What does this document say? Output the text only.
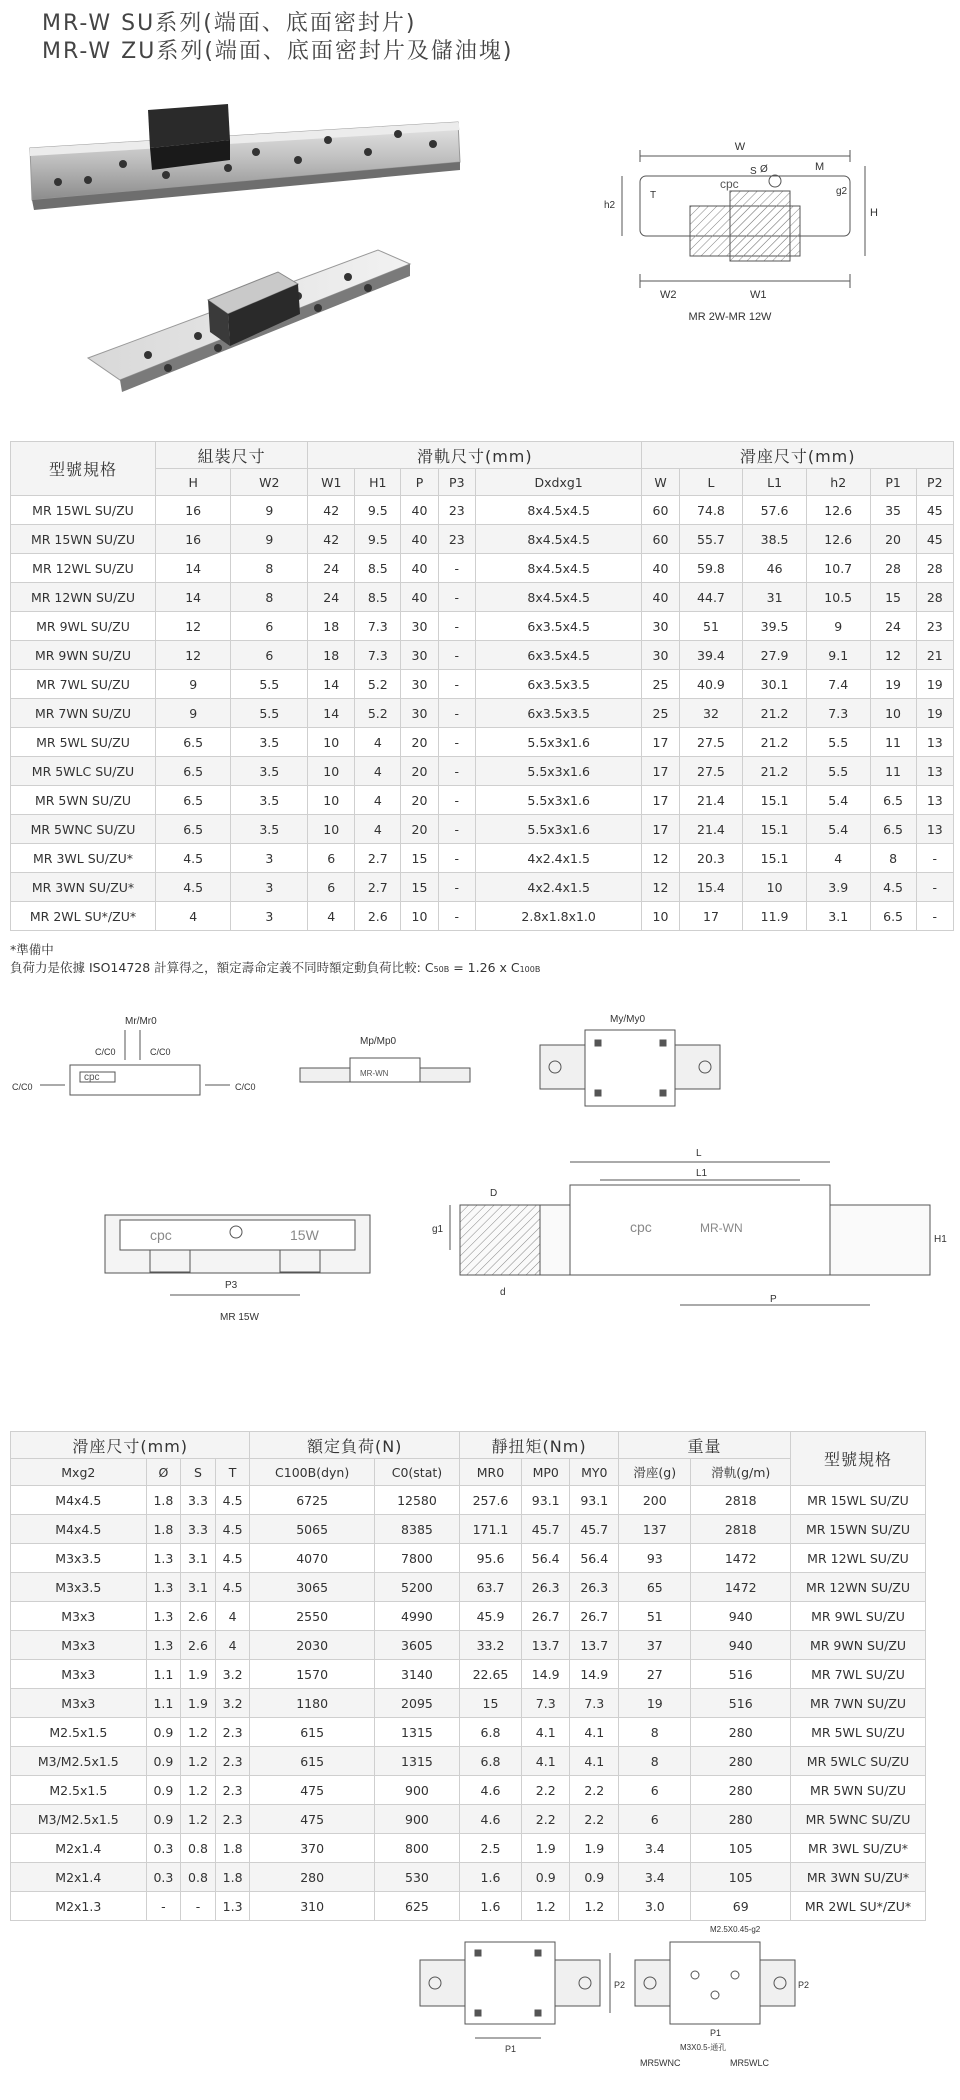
MR-W SU系列(端面、底面密封片)
MR-W ZU系列(端面、底面密封片及儲油塊)
W
M
S Ø
T
h2
g2
H
W2	W1
cpc
MR 2W-MR 12W
型號規格	組裝尺寸		滑軌尺寸(mm)					滑座尺寸(mm)					
	H	W2	W1	H1	P	P3	Dxdxg1	W	L	L1	h2	P1	P2
MR 15WL SU/ZU	16	9	42	9.5	40	23	8x4.5x4.5	60	74.8	57.6	12.6	35	45
MR 15WN SU/ZU	16	9	42	9.5	40	23	8x4.5x4.5	60	55.7	38.5	12.6	20	45
MR 12WL SU/ZU	14	8	24	8.5	40	-	8x4.5x4.5	40	59.8	46	10.7	28	28
MR 12WN SU/ZU	14	8	24	8.5	40	-	8x4.5x4.5	40	44.7	31	10.5	15	28
MR 9WL SU/ZU	12	6	18	7.3	30	-	6x3.5x4.5	30	51	39.5	9	24	23
MR 9WN SU/ZU	12	6	18	7.3	30	-	6x3.5x4.5	30	39.4	27.9	9.1	12	21
MR 7WL SU/ZU	9	5.5	14	5.2	30	-	6x3.5x3.5	25	40.9	30.1	7.4	19	19
MR 7WN SU/ZU	9	5.5	14	5.2	30	-	6x3.5x3.5	25	32	21.2	7.3	10	19
MR 5WL SU/ZU	6.5	3.5	10	4	20	-	5.5x3x1.6	17	27.5	21.2	5.5	11	13
MR 5WLC SU/ZU	6.5	3.5	10	4	20	-	5.5x3x1.6	17	27.5	21.2	5.5	11	13
MR 5WN SU/ZU	6.5	3.5	10	4	20	-	5.5x3x1.6	17	21.4	15.1	5.4	6.5	13
MR 5WNC SU/ZU	6.5	3.5	10	4	20	-	5.5x3x1.6	17	21.4	15.1	5.4	6.5	13
MR 3WL SU/ZU*	4.5	3	6	2.7	15	-	4x2.4x1.5	12	20.3	15.1	4	8	-
MR 3WN SU/ZU*	4.5	3	6	2.7	15	-	4x2.4x1.5	12	15.4	10	3.9	4.5	-
MR 2WL SU*/ZU*	4	3	4	2.6	10	-	2.8x1.8x1.0	10	17	11.9	3.1	6.5	-
*準備中
負荷力是依據 ISO14728 計算得之，額定壽命定義不同時額定動負荷比較: C50B = 1.26 x C100B
Mr/Mr0
C/C0	C/C0
C/C0	C/C0
Mp/Mp0
My/My0
cpc	MR-WN
cpc	15W
P3
MR 15W
L
L1
D
g1
d
P
H1
cpc	MR-WN
滑座尺寸(mm)				額定負荷(N)		靜扭矩(Nm)			重量		型號規格
Mxg2	Ø	S	T	C100B(dyn)	C0(stat)	MR0	MP0	MY0	滑座(g)	滑軌(g/m)	
M4x4.5	1.8	3.3	4.5	6725	12580	257.6	93.1	93.1	200	2818	MR 15WL SU/ZU
M4x4.5	1.8	3.3	4.5	5065	8385	171.1	45.7	45.7	137	2818	MR 15WN SU/ZU
M3x3.5	1.3	3.1	4.5	4070	7800	95.6	56.4	56.4	93	1472	MR 12WL SU/ZU
M3x3.5	1.3	3.1	4.5	3065	5200	63.7	26.3	26.3	65	1472	MR 12WN SU/ZU
M3x3	1.3	2.6	4	2550	4990	45.9	26.7	26.7	51	940	MR 9WL SU/ZU
M3x3	1.3	2.6	4	2030	3605	33.2	13.7	13.7	37	940	MR 9WN SU/ZU
M3x3	1.1	1.9	3.2	1570	3140	22.65	14.9	14.9	27	516	MR 7WL SU/ZU
M3x3	1.1	1.9	3.2	1180	2095	15	7.3	7.3	19	516	MR 7WN SU/ZU
M2.5x1.5	0.9	1.2	2.3	615	1315	6.8	4.1	4.1	8	280	MR 5WL SU/ZU
M3/M2.5x1.5	0.9	1.2	2.3	615	1315	6.8	4.1	4.1	8	280	MR 5WLC SU/ZU
M2.5x1.5	0.9	1.2	2.3	475	900	4.6	2.2	2.2	6	280	MR 5WN SU/ZU
M3/M2.5x1.5	0.9	1.2	2.3	475	900	4.6	2.2	2.2	6	280	MR 5WNC SU/ZU
M2x1.4	0.3	0.8	1.8	370	800	2.5	1.9	1.9	3.4	105	MR 3WL SU/ZU*
M2x1.4	0.3	0.8	1.8	280	530	1.6	0.9	0.9	3.4	105	MR 3WN SU/ZU*
M2x1.3	-	-	1.3	310	625	1.6	1.2	1.2	3.0	69	MR 2WL SU*/ZU*
P1
P2
P1
P2
M2.5X0.45-g2
M3X0.5-通孔
MR5WNC	MR5WLC
